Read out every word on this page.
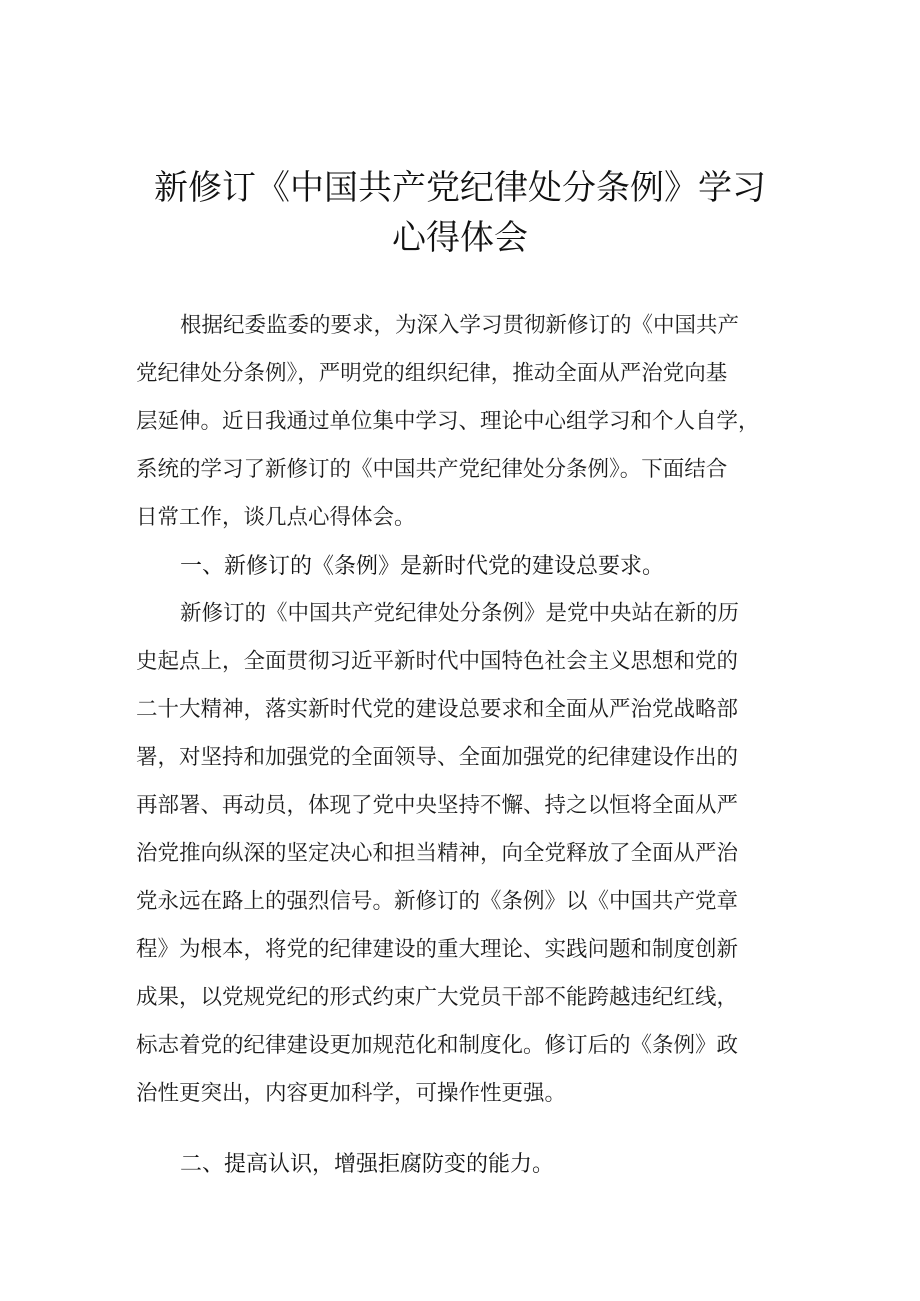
新修订《中国共产党纪律处分条例》学习
心得体会
根据纪委监委的要求，为深入学习贯彻新修订的《中国共产
党纪律处分条例》，严明党的组织纪律，推动全面从严治党向基
层延伸。近日我通过单位集中学习、理论中心组学习和个人自学，
系统的学习了新修订的《中国共产党纪律处分条例》。下面结合
日常工作，谈几点心得体会。
一、新修订的《条例》是新时代党的建设总要求。
新修订的《中国共产党纪律处分条例》是党中央站在新的历
史起点上，全面贯彻习近平新时代中国特色社会主义思想和党的
二十大精神，落实新时代党的建设总要求和全面从严治党战略部
署，对坚持和加强党的全面领导、全面加强党的纪律建设作出的
再部署、再动员，体现了党中央坚持不懈、持之以恒将全面从严
治党推向纵深的坚定决心和担当精神，向全党释放了全面从严治
党永远在路上的强烈信号。新修订的《条例》以《中国共产党章
程》为根本，将党的纪律建设的重大理论、实践问题和制度创新
成果，以党规党纪的形式约束广大党员干部不能跨越违纪红线，
标志着党的纪律建设更加规范化和制度化。修订后的《条例》政
治性更突出，内容更加科学，可操作性更强。
二、提高认识，增强拒腐防变的能力。
